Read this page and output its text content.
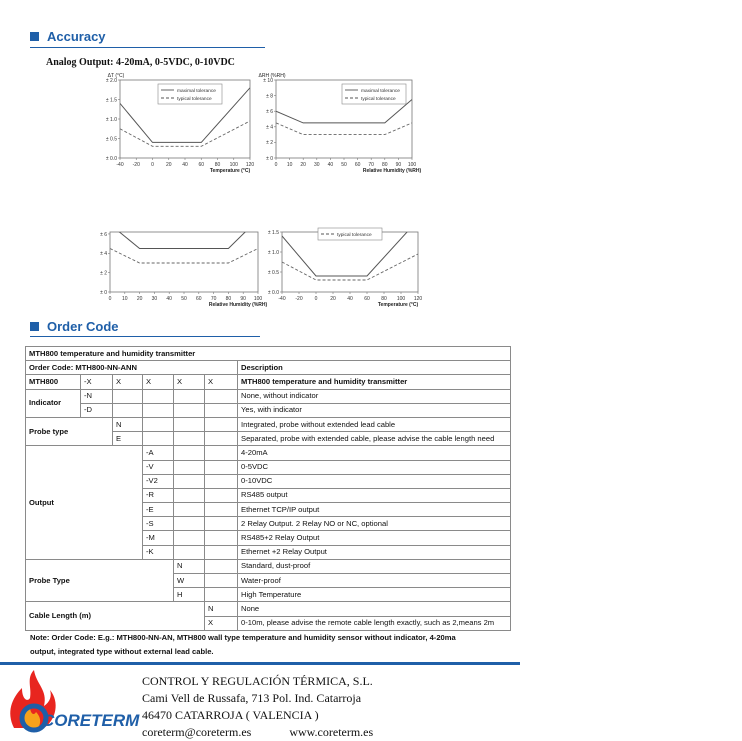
Accuracy
Analog Output: 4-20mA, 0-5VDC, 0-10VDC
± 0.0
± 0.5
± 1.0
± 1.5
± 2.0
-40 -20 0 20 40 60 80 100 120
Temperature (°C)
ΔT (°C)
maximal tolerance
typical tolerance
± 0
± 2
± 4
± 6
± 8
± 10
0 10 20 30 40 50 60 70 80 90 100
Relative Humidity (%RH)
ΔRH (%RH)
maximal tolerance
typical tolerance
± 0
± 2
± 4
± 6
0 10 20 30 40 50 60 70 80 90 100
Relative Humidity (%RH)
± 0.0
± 0.5
± 1.0
± 1.5
-40 -20 0	20 40 60 80 100 120
Temperature (°C)
typical tolerance
Order Code
MTH800 temperature and humidity transmitter						
Order Code: MTH800-NN-ANN						Description
MTH800	-X	X	X	X	X	MTH800 temperature and humidity transmitter
Indicator	-N					None, without indicator
	-D					Yes, with indicator
Probe type		N				Integrated, probe without extended lead cable
		E				Separated, probe with extended cable, please advise the cable length need
Output			-A			4-20mA
			-V			0-5VDC
			-V2			0-10VDC
			-R			RS485 output
			-E			Ethernet TCP/IP output
			-S			2 Relay Output. 2 Relay NO or NC, optional
			-M			RS485+2 Relay Output
			-K			Ethernet +2 Relay Output
Probe Type				N		Standard, dust-proof
				W		Water-proof
				H		High Temperature
Cable Length (m)					N	None
					X	0-10m, please advise the remote cable length exactly, such as 2,means 2m
Note: Order Code: E.g.: MTH800-NN-AN, MTH800 wall type temperature and humidity sensor without indicator, 4-20ma
output, integrated type without external lead cable.
CORETERM
CONTROL Y REGULACIÓN TÉRMICA, S.L.
Cami Vell de Russafa, 713 Pol. Ind. Catarroja
46470 CATARROJA ( VALENCIA )
coreterm@coreterm.es	www.coreterm.es
